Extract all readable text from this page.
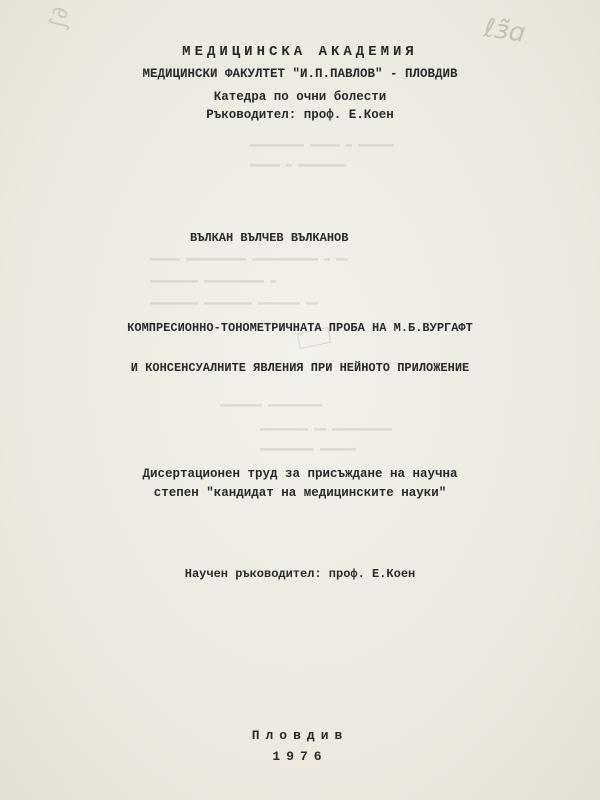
∫∂	ℓɜ̃ɑ
▬▬▬▬▬▬ ▬ ▬▬▬▬▬ ▬▬▬▬▬▬▬▬▬
▬▬▬▬▬▬▬▬ ▬ ▬▬▬▬▬
▬▬ ▬ ▬▬▬▬▬▬▬▬▬▬▬ ▬▬▬▬▬▬▬▬▬▬ ▬▬▬▬▬
▬ ▬▬▬▬▬▬▬▬▬▬ ▬▬▬▬▬▬▬▬
▬▬ ▬▬▬▬▬▬▬ ▬▬▬▬▬▬▬▬ ▬▬▬▬▬▬▬▬
▬▬▬▬▬▬▬▬▬ ▬▬▬▬▬▬▬
▬▬▬▬▬▬▬▬▬▬ ▬▬ ▬▬▬▬▬▬▬▬
▬▬▬▬▬▬ ▬▬▬▬▬▬▬▬▬
МЕДИЦИНСКА АКАДЕМИЯ
МЕДИЦИНСКИ ФАКУЛТЕТ "И.П.ПАВЛОВ" - ПЛОВДИВ
Катедра по очни болести
Ръководител: проф. Е.Коен
ВЪЛКАН ВЪЛЧЕВ ВЪЛКАНОВ
КОМПРЕСИОННО-ТОНОМЕТРИЧНАТА ПРОБА НА М.Б.ВУРГАФТ
И КОНСЕНСУАЛНИТЕ ЯВЛЕНИЯ ПРИ НЕЙНОТО ПРИЛОЖЕНИЕ
Дисертационен труд за присъждане на научна
степен "кандидат на медицинските науки"
Научен ръководител: проф. Е.Коен
Пловдив
1976
